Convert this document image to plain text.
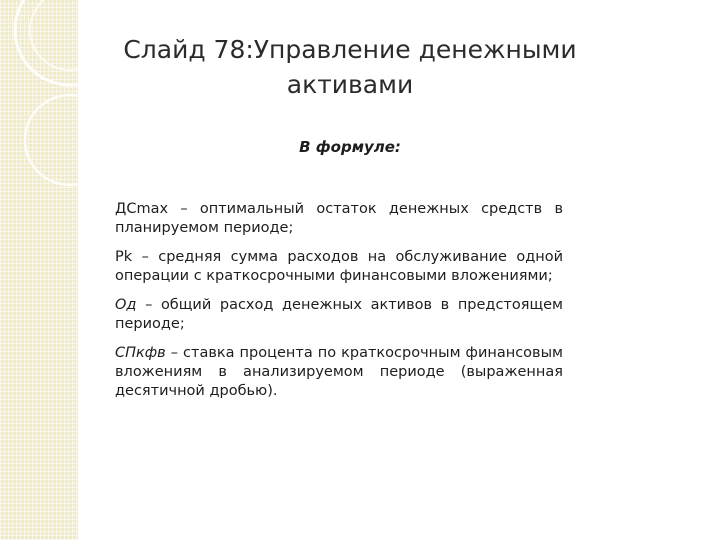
Слайд 78:Управление денежными
активами
В формуле:

ДСmax – оптимальный остаток денежных средств в планируемом периоде;

Pk – средняя сумма расходов на обслуживание одной операции с краткосрочными финансовыми вложениями;

Од – общий расход денежных активов в предстоящем периоде;

СПкфв – ставка процента по краткосрочным финансовым вложениям в анализируемом периоде (выраженная десятичной дробью).
